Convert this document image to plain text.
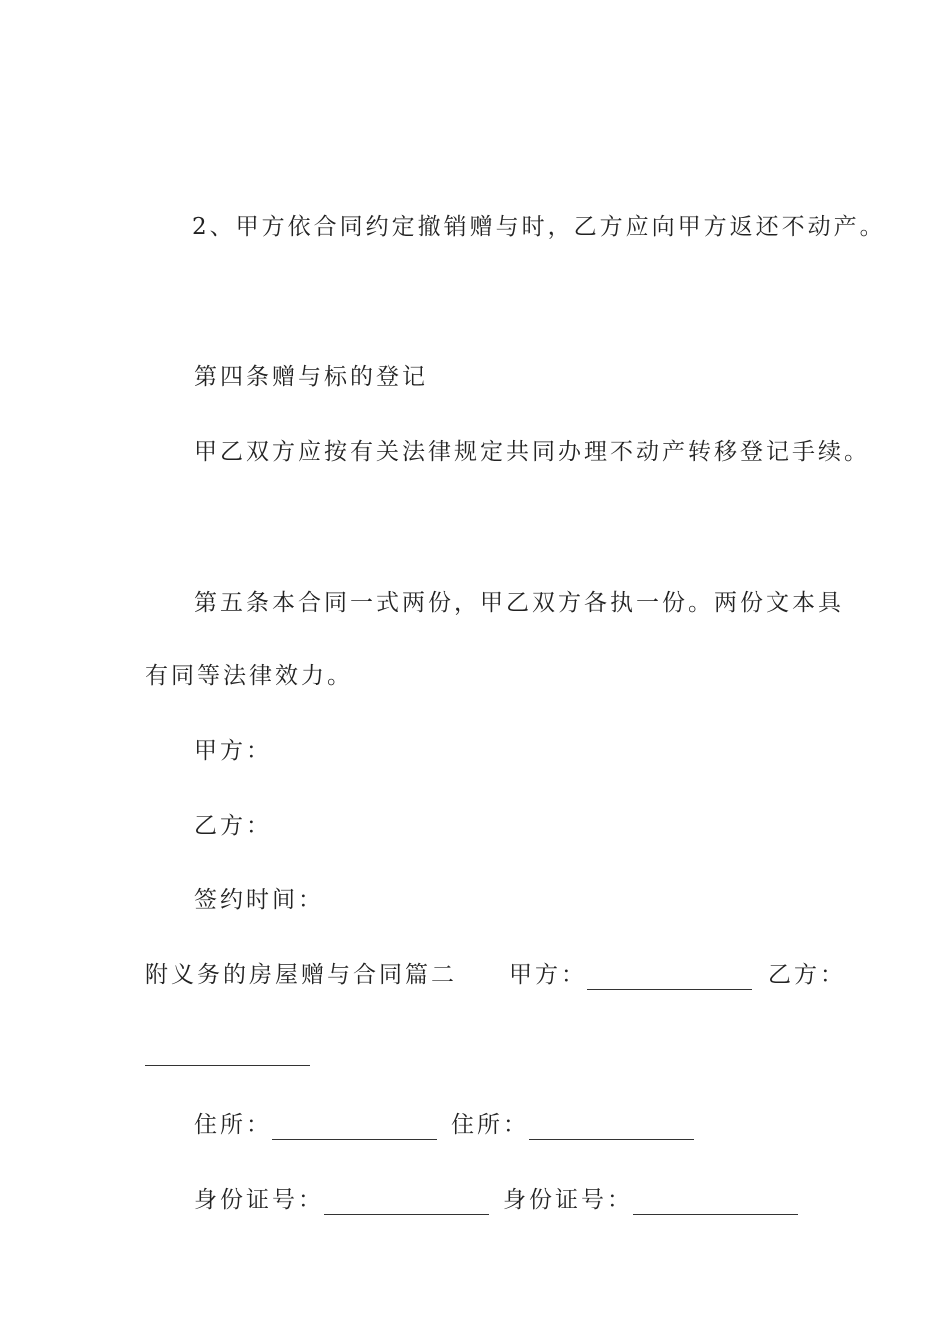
2、甲方依合同约定撤销赠与时，乙方应向甲方返还不动产。
第四条赠与标的登记
甲乙双方应按有关法律规定共同办理不动产转移登记手续。
第五条本合同一式两份，甲乙双方各执一份。两份文本具
有同等法律效力。
甲方：
乙方：
签约时间：
附义务的房屋赠与合同篇二 甲方：	乙方：
住所：	住所：
身份证号：	身份证号：
